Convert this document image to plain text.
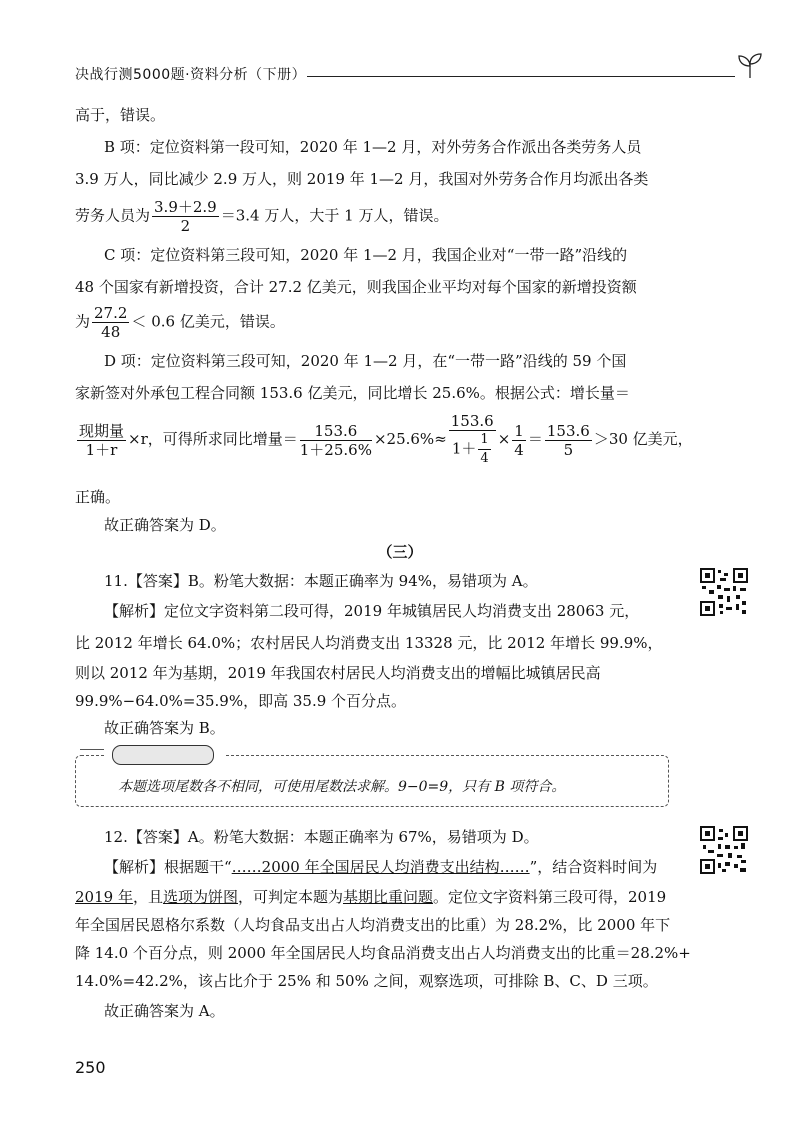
决战行测5000题·资料分析（下册）
高于，错误。
B 项：定位资料第一段可知，2020 年 1—2 月，对外劳务合作派出各类劳务人员
3.9 万人，同比减少 2.9 万人，则 2019 年 1—2 月，我国对外劳务合作月均派出各类
劳务人员为 $\frac{3.9+2.9}{2} =3.4$ 万人，大于 1 万人，错误。
C 项：定位资料第三段可知，2020 年 1—2 月，我国企业对“一带一路”沿线的
48 个国家有新增投资，合计 27.2 亿美元，则我国企业平均对每个国家的新增投资额
为 $\frac{27.2}{48} < 0.6$ 亿美元，错误。
D 项：定位资料第三段可知，2020 年 1—2 月，在“一带一路”沿线的 59 个国
家新签对外承包工程合同额 153.6 亿美元，同比增长 25.6%。根据公式：增长量＝
$\frac{\text{现期量}}{1+r} \times r$，可得所求同比增量＝ $\frac{153.6}{1+25.6\%} \times 25.6\%\approx \frac{153.6}{1+ \frac{1}{4}} \times \frac{1}{4} = \frac{153.6}{5} >30$ 亿美元，
正确。
故正确答案为 D。
（三）
11.【答案】B。粉笔大数据：本题正确率为 94%，易错项为 A。
【解析】定位文字资料第二段可得，2019 年城镇居民人均消费支出 28063 元，
比 2012 年增长 64.0%；农村居民人均消费支出 13328 元，比 2012 年增长 99.9%，
则以 2012 年为基期，2019 年我国农村居民人均消费支出的增幅比城镇居民高
99.9%−64.0%=35.9%，即高 35.9 个百分点。
故正确答案为 B。
本题选项尾数各不相同，可使用尾数法求解。9−0=9，只有 B 项符合。
12.【答案】A。粉笔大数据：本题正确率为 67%，易错项为 D。
【解析】根据题干“……2000 年全国居民人均消费支出结构……”，结合资料时间为
2019 年，且选项为饼图，可判定本题为基期比重问题。定位文字资料第三段可得，2019
年全国居民恩格尔系数（人均食品支出占人均消费支出的比重）为 28.2%，比 2000 年下
降 14.0 个百分点，则 2000 年全国居民人均食品消费支出占人均消费支出的比重＝28.2%+
14.0%=42.2%，该占比介于 25% 和 50% 之间，观察选项，可排除 B、C、D 三项。
故正确答案为 A。
250
